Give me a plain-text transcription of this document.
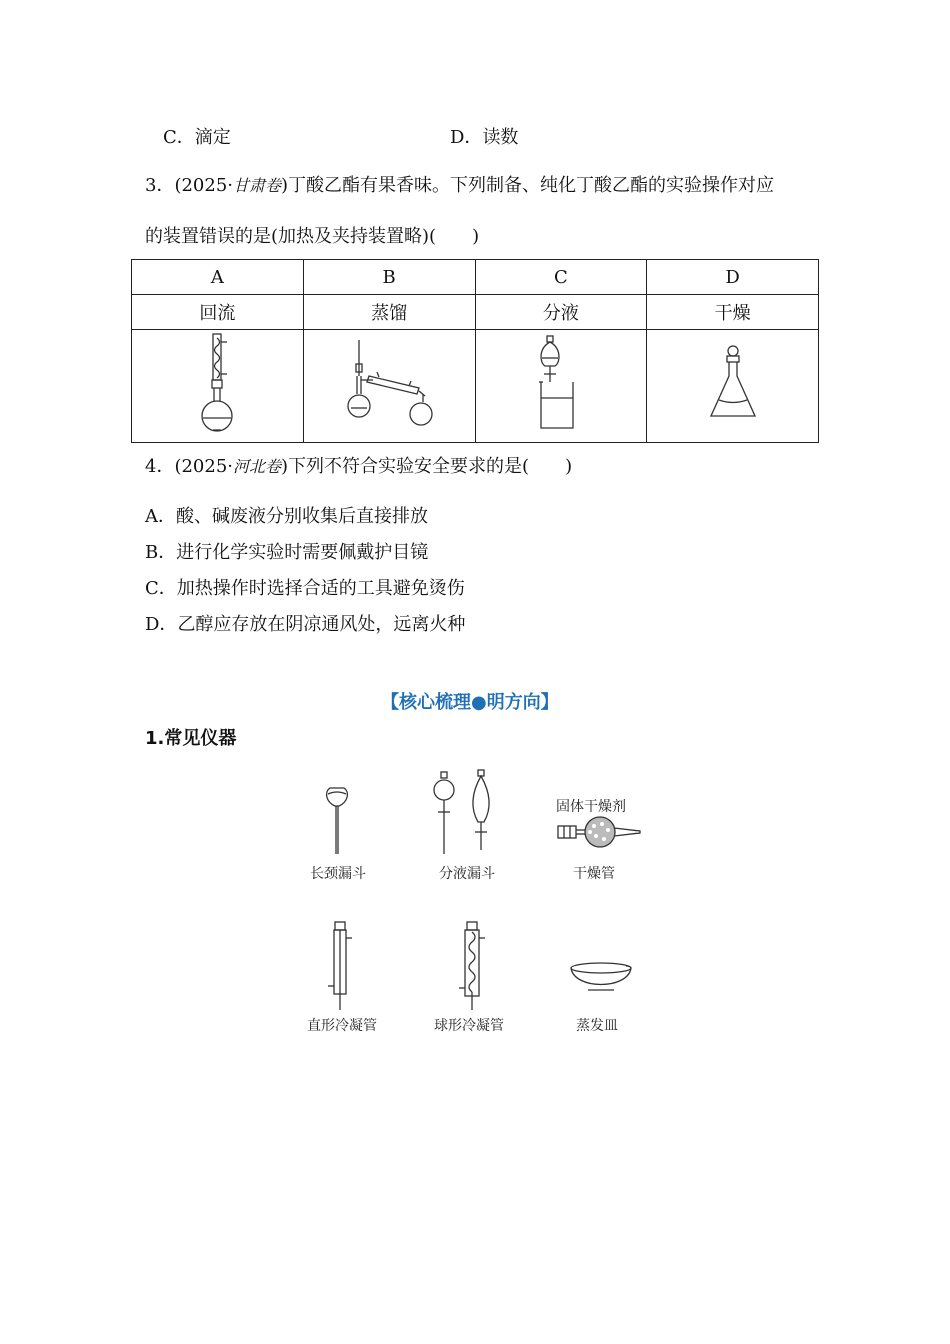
C．滴定	D．读数
3．(2025·甘肃卷)丁酸乙酯有果香味。下列制备、纯化丁酸乙酯的实验操作对应
的装置错误的是(加热及夹持装置略)(　　)
A	B	C	D
回流	蒸馏	分液	干燥

4．(2025·河北卷)下列不符合实验安全要求的是(　　)
A．酸、碱废液分别收集后直接排放
B．进行化学实验时需要佩戴护目镜
C．加热操作时选择合适的工具避免烫伤
D．乙醇应存放在阴凉通风处，远离火种
【核心梳理●明方向】
1.常见仪器
长颈漏斗	分液漏斗
固体干燥剂
干燥管
直形冷凝管	球形冷凝管	蒸发皿
